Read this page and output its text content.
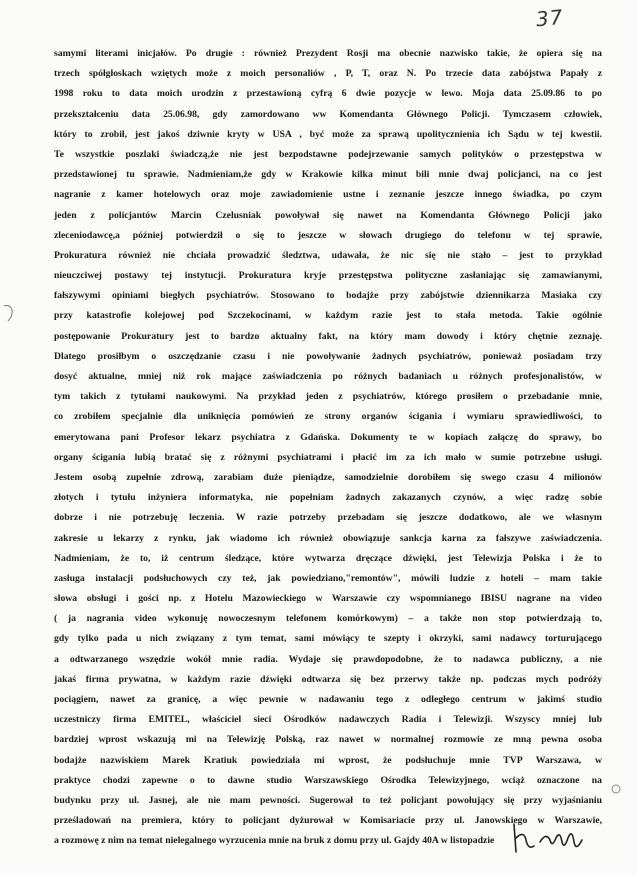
37
samymi literami inicjałów. Po drugie : również Prezydent Rosji ma obecnie nazwisko takie, że opiera się na
trzech spółgłoskach wziętych może z moich personaliów , P, T, oraz N. Po trzecie data zabójstwa Papały z
1998 roku to data moich urodzin z przestawioną cyfrą 6 dwie pozycje w lewo. Moja data 25.09.86 to po
przekształceniu data 25.06.98, gdy zamordowano ww Komendanta Głównego Policji. Tymczasem człowiek,
który to zrobił, jest jakoś dziwnie kryty w USA , być może za sprawą upolitycznienia ich Sądu w tej kwestii.
Te wszystkie poszlaki świadczą,że nie jest bezpodstawne podejrzewanie samych polityków o przestępstwa w
przedstawionej tu sprawie. Nadmieniam,że gdy w Krakowie kilka minut bili mnie dwaj policjanci, na co jest
nagranie z kamer hotelowych oraz moje zawiadomienie ustne i zeznanie jeszcze innego świadka, po czym
jeden z policjantów Marcin Czelusniak powoływał się nawet na Komendanta Głównego Policji jako
zleceniodawcę,a później potwierdził o się to jeszcze w słowach drugiego do telefonu w tej sprawie,
Prokuratura również nie chciała prowadzić śledztwa, udawała, że nic się nie stało – jest to przykład
nieuczciwej postawy tej instytucji. Prokuratura kryje przestępstwa polityczne zasłaniając się zamawianymi,
fałszywymi opiniami biegłych psychiatrów. Stosowano to bodajże przy zabójstwie dziennikarza Masiaka czy
przy katastrofie kolejowej pod Szczekocinami, w każdym razie jest to stała metoda. Takie ogólnie
postępowanie Prokuratury jest to bardzo aktualny fakt, na który mam dowody i który chętnie zeznaję.
Dlatego prosiłbym o oszczędzanie czasu i nie powoływanie żadnych psychiatrów, ponieważ posiadam trzy
dosyć aktualne, mniej niż rok mające zaświadczenia po różnych badaniach u różnych profesjonalistów, w
tym takich z tytułami naukowymi. Na przykład jeden z psychiatrów, którego prosiłem o przebadanie mnie,
co zrobiłem specjalnie dla uniknięcia pomówień ze strony organów ścigania i wymiaru sprawiedliwości, to
emerytowana pani Profesor lekarz psychiatra z Gdańska. Dokumenty te w kopiach załączę do sprawy, bo
organy ścigania lubią bratać się z różnymi psychiatrami i płacić im za ich mało w sumie potrzebne usługi.
Jestem osobą zupełnie zdrową, zarabiam duże pieniądze, samodzielnie dorobiłem się swego czasu 4 milionów
złotych i tytułu inżyniera informatyka, nie popełniam żadnych zakazanych czynów, a więc radzę sobie
dobrze i nie potrzebuję leczenia. W razie potrzeby przebadam się jeszcze dodatkowo, ale we własnym
zakresie u lekarzy z rynku, jak wiadomo ich również obowiązuje sankcja karna za fałszywe zaświadczenia.
Nadmieniam, że to, iż centrum śledzące, które wytwarza dręczące dźwięki, jest Telewizja Polska i że to
zasługa instalacji podsłuchowych czy też, jak powiedziano,"remontów", mówili ludzie z hoteli – mam takie
słowa obsługi i gości np. z Hotelu Mazowieckiego w Warszawie czy wspomnianego IBISU nagrane na video
( ja nagrania video wykonuję nowoczesnym telefonem komórkowym) – a także non stop potwierdzają to,
gdy tylko pada u nich związany z tym temat, sami mówiący te szepty i okrzyki, sami nadawcy torturującego
a odtwarzanego wszędzie wokół mnie radia. Wydaje się prawdopodobne, że to nadawca publiczny, a nie
jakaś firma prywatna, w każdym razie dźwięki odtwarza się bez przerwy także np. podczas mych podróży
pociągiem, nawet za granicę, a więc pewnie w nadawaniu tego z odległego centrum w jakimś studio
uczestniczy firma EMITEL, właściciel sieci Ośrodków nadawczych Radia i Telewizji. Wszyscy mniej lub
bardziej wprost wskazują mi na Telewizję Polską, raz nawet w normalnej rozmowie ze mną pewna osoba
bodajże nazwiskiem Marek Kratiuk powiedziała mi wprost, że podsłuchuje mnie TVP Warszawa, w
praktyce chodzi zapewne o to dawne studio Warszawskiego Ośrodka Telewizyjnego, wciąż oznaczone na
budynku przy ul. Jasnej, ale nie mam pewności. Sugerował to też policjant powołujący się przy wyjaśnianiu
prześladowań na premiera, który to policjant dyżurował w Komisariacie przy ul. Janowskiego w Warszawie,
a rozmowę z nim na temat nielegalnego wyrzucenia mnie na bruk z domu przy ul. Gajdy 40A w listopadzie
